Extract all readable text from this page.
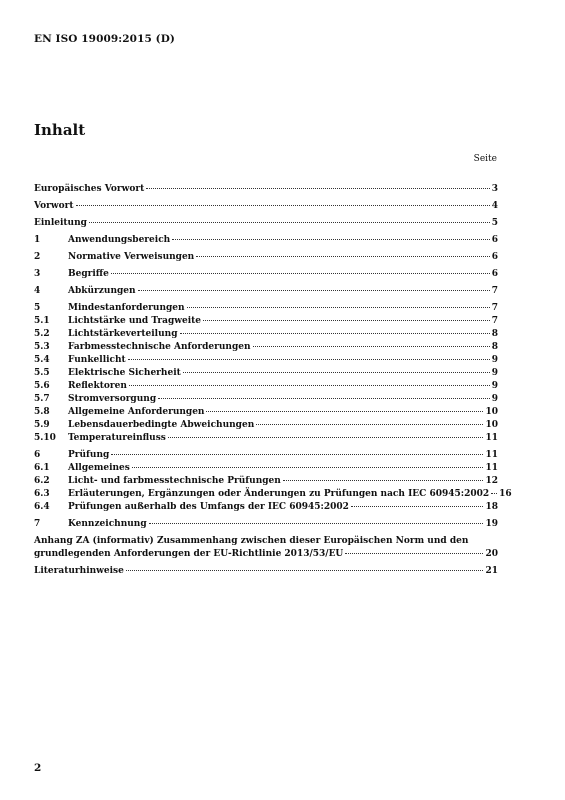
EN ISO 19009:2015 (D)
Inhalt
Seite
Europäisches Vorwort	3
Vorwort	4
Einleitung	5
1	Anwendungsbereich	6
2	Normative Verweisungen	6
3	Begriffe	6
4	Abkürzungen	7
5	Mindestanforderungen	7
5.1 Lichtstärke und Tragweite	7
5.2 Lichtstärkeverteilung	8
5.3 Farbmesstechnische Anforderungen	8
5.4 Funkellicht	9
5.5 Elektrische Sicherheit	9
5.6 Reflektoren	9
5.7 Stromversorgung	9
5.8 Allgemeine Anforderungen	10
5.9 Lebensdauerbedingte Abweichungen	10
5.10 Temperatureinfluss	11
6	Prüfung	11
6.1 Allgemeines	11
6.2 Licht- und farbmesstechnische Prüfungen	12
6.3 Erläuterungen, Ergänzungen oder Änderungen zu Prüfungen nach IEC 60945:2002 16
6.4 Prüfungen außerhalb des Umfangs der IEC 60945:2002	18
7	Kennzeichnung	19
Anhang ZA (informativ) Zusammenhang zwischen dieser Europäischen Norm und den
grundlegenden Anforderungen der EU-Richtlinie 2013/53/EU	20
Literaturhinweise	21
2
